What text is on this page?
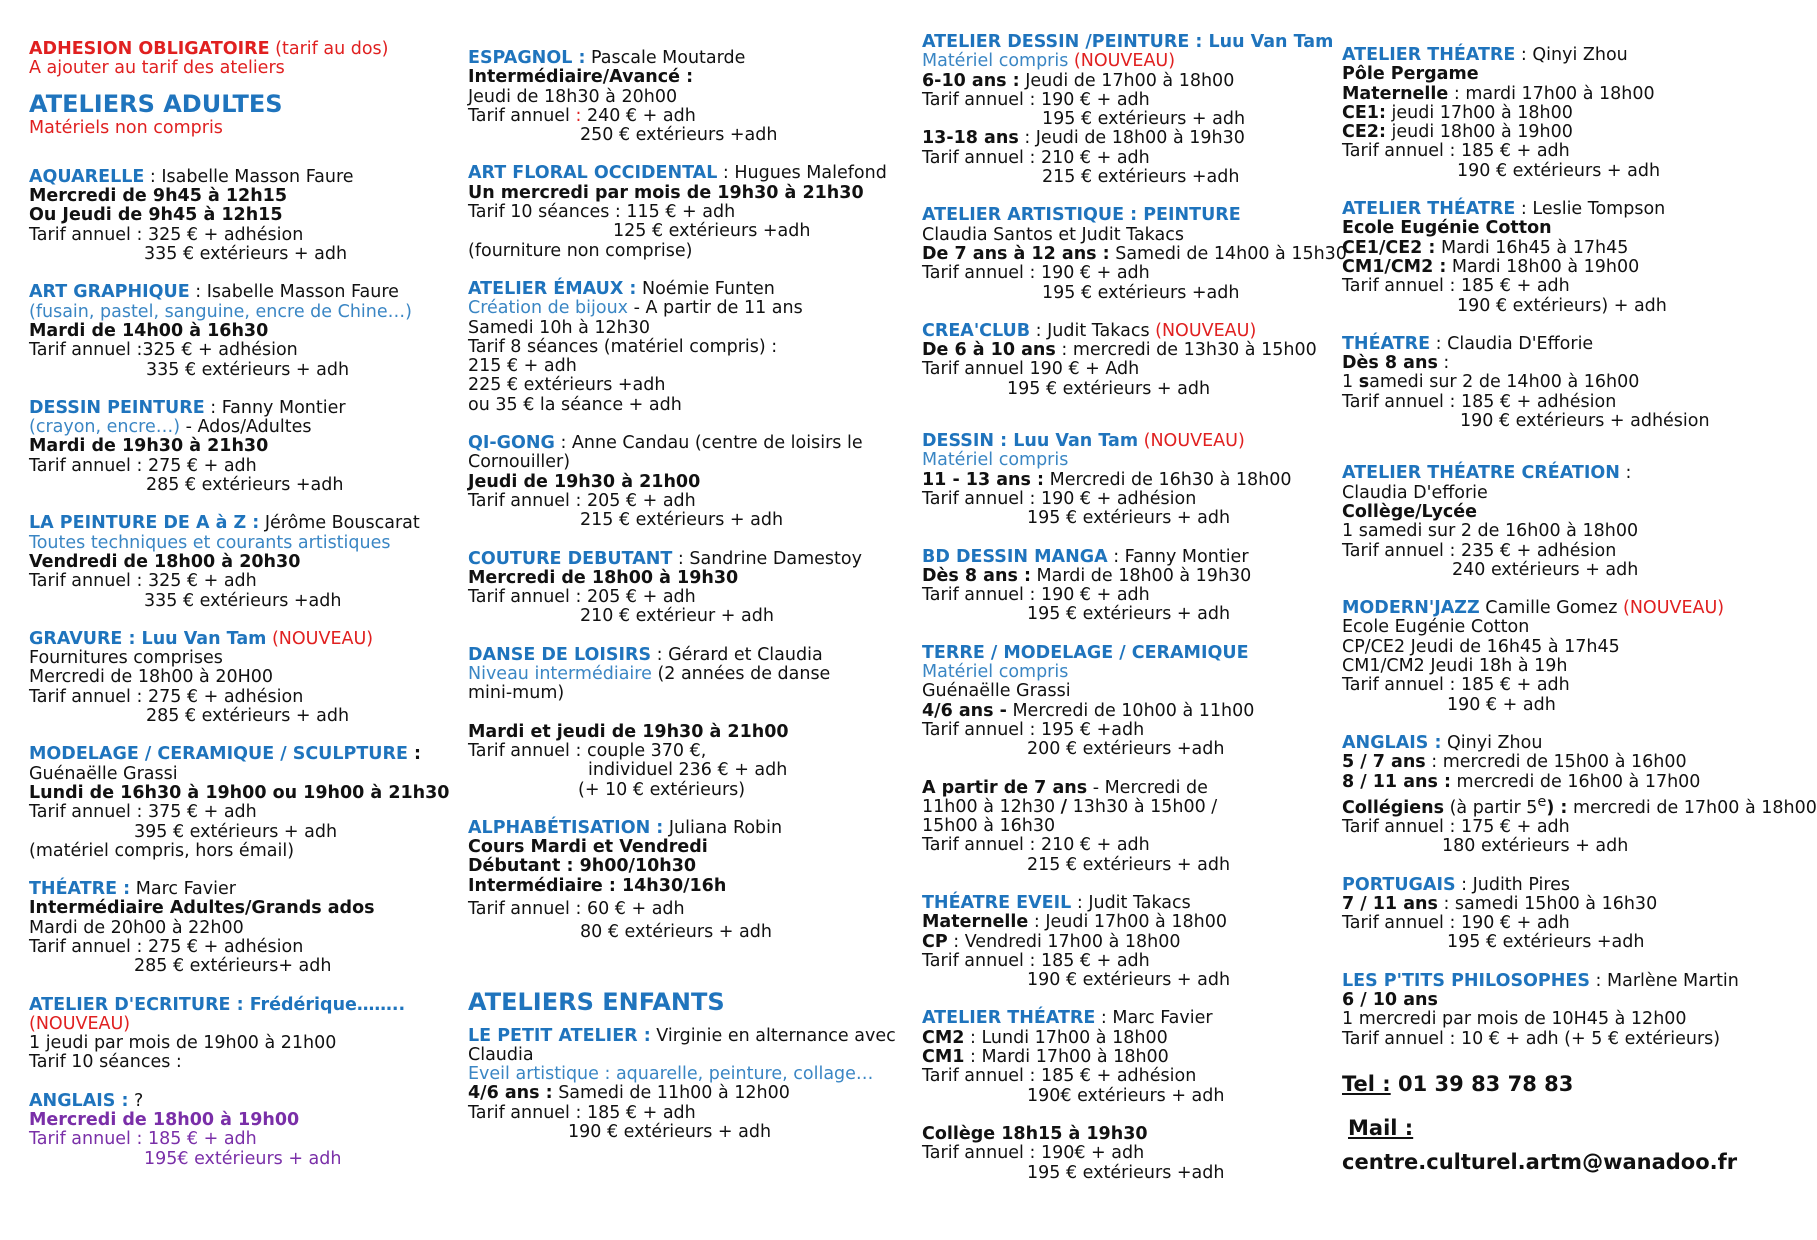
ADHESION OBLIGATOIRE (tarif au dos)
A ajouter au tarif des ateliers
ATELIERS ADULTES
Matériels non compris
AQUARELLE : Isabelle Masson Faure
Mercredi de 9h45 à 12h15
Ou Jeudi de 9h45 à 12h15
Tarif annuel : 325 € + adhésion
335 € extérieurs + adh
ART GRAPHIQUE : Isabelle Masson Faure
(fusain, pastel, sanguine, encre de Chine…)
Mardi de 14h00 à 16h30
Tarif annuel :325 € + adhésion
335 € extérieurs + adh
DESSIN PEINTURE : Fanny Montier
(crayon, encre…) - Ados/Adultes
Mardi de 19h30 à 21h30
Tarif annuel : 275 € + adh
285 € extérieurs +adh
LA PEINTURE DE A à Z : Jérôme Bouscarat
Toutes techniques et courants artistiques
Vendredi de 18h00 à 20h30
Tarif annuel : 325 € + adh
335 € extérieurs +adh
GRAVURE : Luu Van Tam (NOUVEAU)
Fournitures comprises
Mercredi de 18h00 à 20H00
Tarif annuel : 275 € + adhésion
285 € extérieurs + adh
MODELAGE / CERAMIQUE / SCULPTURE :
Guénaëlle Grassi
Lundi de 16h30 à 19h00 ou 19h00 à 21h30
Tarif annuel : 375 € + adh
395 € extérieurs + adh
(matériel compris, hors émail)
THÉATRE : Marc Favier
Intermédiaire Adultes/Grands ados
Mardi de 20h00 à 22h00
Tarif annuel : 275 € + adhésion
285 € extérieurs+ adh
ATELIER D'ECRITURE : Frédérique……..
(NOUVEAU)
1 jeudi par mois de 19h00 à 21h00
Tarif 10 séances :
ANGLAIS : ?
Mercredi de 18h00 à 19h00
Tarif annuel : 185 € + adh
195€ extérieurs + adh
ESPAGNOL : Pascale Moutarde
Intermédiaire/Avancé :
Jeudi de 18h30 à 20h00
Tarif annuel : 240 € + adh
250 € extérieurs +adh
ART FLORAL OCCIDENTAL : Hugues Malefond
Un mercredi par mois de 19h30 à 21h30
Tarif 10 séances : 115 € + adh
125 € extérieurs +adh
(fourniture non comprise)
ATELIER ÉMAUX : Noémie Funten
Création de bijoux - A partir de 11 ans
Samedi 10h à 12h30
Tarif 8 séances (matériel compris) :
215 € + adh
225 € extérieurs +adh
ou 35 € la séance + adh
QI-GONG : Anne Candau (centre de loisirs le Cornouiller)
Jeudi de 19h30 à 21h00
Tarif annuel : 205 € + adh
215 € extérieurs + adh
COUTURE DEBUTANT : Sandrine Damestoy
Mercredi de 18h00 à 19h30
Tarif annuel : 205 € + adh
210 € extérieur + adh
DANSE DE LOISIRS : Gérard et Claudia
Niveau intermédiaire (2 années de danse mini-mum)
Mardi et jeudi de 19h30 à 21h00
Tarif annuel : couple 370 €,
individuel 236 € + adh
(+ 10 € extérieurs)
ALPHABÉTISATION : Juliana Robin
Cours Mardi et Vendredi
Débutant : 9h00/10h30
Intermédiaire : 14h30/16h
Tarif annuel : 60 € + adh
80 € extérieurs + adh
ATELIERS ENFANTS
LE PETIT ATELIER : Virginie en alternance avec Claudia
Eveil artistique : aquarelle, peinture, collage…
4/6 ans : Samedi de 11h00 à 12h00
Tarif annuel : 185 € + adh
190 € extérieurs + adh
ATELIER DESSIN /PEINTURE : Luu Van Tam
Matériel compris (NOUVEAU)
6-10 ans : Jeudi de 17h00 à 18h00
Tarif annuel : 190 € + adh
195 € extérieurs + adh
13-18 ans : Jeudi de 18h00 à 19h30
Tarif annuel : 210 € + adh
215 € extérieurs +adh
ATELIER ARTISTIQUE : PEINTURE
Claudia Santos et Judit Takacs
De 7 ans à 12 ans : Samedi de 14h00 à 15h30
Tarif annuel : 190 € + adh
195 € extérieurs +adh
CREA'CLUB : Judit Takacs (NOUVEAU)
De 6 à 10 ans : mercredi de 13h30 à 15h00
Tarif annuel 190 € + Adh
195 € extérieurs + adh
DESSIN : Luu Van Tam (NOUVEAU)
Matériel compris
11 - 13 ans : Mercredi de 16h30 à 18h00
Tarif annuel : 190 € + adhésion
195 € extérieurs + adh
BD DESSIN MANGA : Fanny Montier
Dès 8 ans : Mardi de 18h00 à 19h30
Tarif annuel : 190 € + adh
195 € extérieurs + adh
TERRE / MODELAGE / CERAMIQUE
Matériel compris
Guénaëlle Grassi
4/6 ans - Mercredi de 10h00 à 11h00
Tarif annuel : 195 € +adh
200 € extérieurs +adh
A partir de 7 ans - Mercredi de 11h00 à 12h30 / 13h30 à 15h00 / 15h00 à 16h30
Tarif annuel : 210 € + adh
215 € extérieurs + adh
THÉATRE EVEIL : Judit Takacs
Maternelle : Jeudi 17h00 à 18h00
CP : Vendredi 17h00 à 18h00
Tarif annuel : 185 € + adh
190 € extérieurs + adh
ATELIER THÉATRE : Marc Favier
CM2 : Lundi 17h00 à 18h00
CM1 : Mardi 17h00 à 18h00
Tarif annuel : 185 € + adhésion
190€ extérieurs + adh
Collège 18h15 à 19h30
Tarif annuel : 190€ + adh
195 € extérieurs +adh
ATELIER THÉATRE : Qinyi Zhou
Pôle Pergame
Maternelle : mardi 17h00 à 18h00
CE1: jeudi 17h00 à 18h00
CE2: jeudi 18h00 à 19h00
Tarif annuel : 185 € + adh
190 € extérieurs + adh
ATELIER THÉATRE : Leslie Tompson
Ecole Eugénie Cotton
CE1/CE2 : Mardi 16h45 à 17h45
CM1/CM2 : Mardi 18h00 à 19h00
Tarif annuel : 185 € + adh
190 € extérieurs) + adh
THÉATRE : Claudia D'Efforie
Dès 8 ans :
1 samedi sur 2 de 14h00 à 16h00
Tarif annuel : 185 € + adhésion
190 € extérieurs + adhésion
ATELIER THÉATRE CRÉATION :
Claudia D'efforie
Collège/Lycée
1 samedi sur 2 de 16h00 à 18h00
Tarif annuel : 235 € + adhésion
240 extérieurs + adh
MODERN'JAZZ Camille Gomez (NOUVEAU)
Ecole Eugénie Cotton
CP/CE2 Jeudi de 16h45 à 17h45
CM1/CM2 Jeudi 18h à 19h
Tarif annuel : 185 € + adh
190 € + adh
ANGLAIS : Qinyi Zhou
5 / 7 ans : mercredi de 15h00 à 16h00
8 / 11 ans : mercredi de 16h00 à 17h00
Collégiens (à partir 5e) : mercredi de 17h00 à 18h00
Tarif annuel : 175 € + adh
180 extérieurs + adh
PORTUGAIS : Judith Pires
7 / 11 ans : samedi 15h00 à 16h30
Tarif annuel : 190 € + adh
195 € extérieurs +adh
LES P'TITS PHILOSOPHES : Marlène Martin
6 / 10 ans
1 mercredi par mois de 10H45 à 12h00
Tarif annuel : 10 € + adh (+ 5 € extérieurs)
Tel : 01 39 83 78 83
Mail :
centre.culturel.artm@wanadoo.fr
